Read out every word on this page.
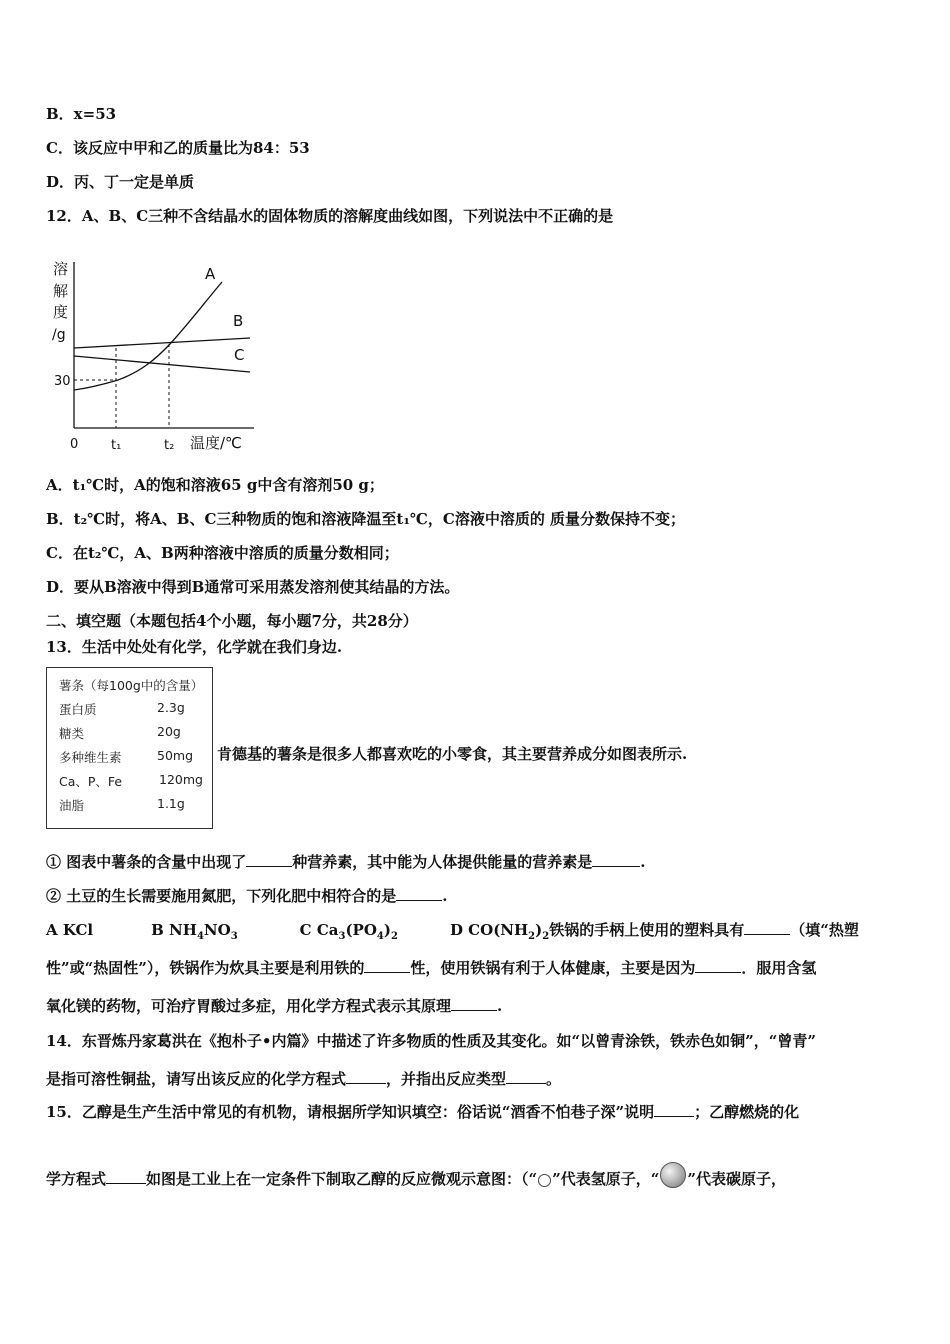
B．x=53
C．该反应中甲和乙的质量比为84：53
D．丙、丁一定是单质
12．A、B、C三种不含结晶水的固体物质的溶解度曲线如图，下列说法中不正确的是
溶
解
度
/g
30
0	t₁	t₂ 温度/℃
A
B
C
A．t₁℃时，A的饱和溶液65 g中含有溶剂50 g；
B．t₂℃时，将A、B、C三种物质的饱和溶液降温至t₁℃，C溶液中溶质的 质量分数保持不变；
C．在t₂℃，A、B两种溶液中溶质的质量分数相同；
D．要从B溶液中得到B通常可采用蒸发溶剂使其结晶的方法。
二、填空题（本题包括4个小题，每小题7分，共28分）
13．生活中处处有化学，化学就在我们身边.
薯条（每100g中的含量）
蛋白质	2.3g
糖类	20g
多种维生素	50mg
Ca、P、Fe	120mg
油脂	1.1g
肯德基的薯条是很多人都喜欢吃的小零食，其主要营养成分如图表所示.
① 图表中薯条的含量中出现了	种营养素，其中能为人体提供能量的营养素是	.
② 土豆的生长需要施用氮肥，下列化肥中相符合的是	.
A KCl	B $NH_4NO_3$	C $Ca_3(PO_4)_2$	D $CO(NH_2)_2$铁锅的手柄上使用的塑料具有	（填“热塑
性”或“热固性”），铁锅作为炊具主要是利用铁的	性，使用铁锅有利于人体健康，主要是因为	．服用含氢
氧化镁的药物，可治疗胃酸过多症，用化学方程式表示其原理	.
14．东晋炼丹家葛洪在《抱朴子•内篇》中描述了许多物质的性质及其变化。如“以曾青涂铁，铁赤色如铜”，“曾青”
是指可溶性铜盐，请写出该反应的化学方程式	，并指出反应类型	。
15．乙醇是生产生活中常见的有机物，请根据所学知识填空：俗话说“酒香不怕巷子深”说明	；乙醇燃烧的化
学方程式	如图是工业上在一定条件下制取乙醇的反应微观示意图：（“ ”代表氢原子，“ ”代表碳原子，
